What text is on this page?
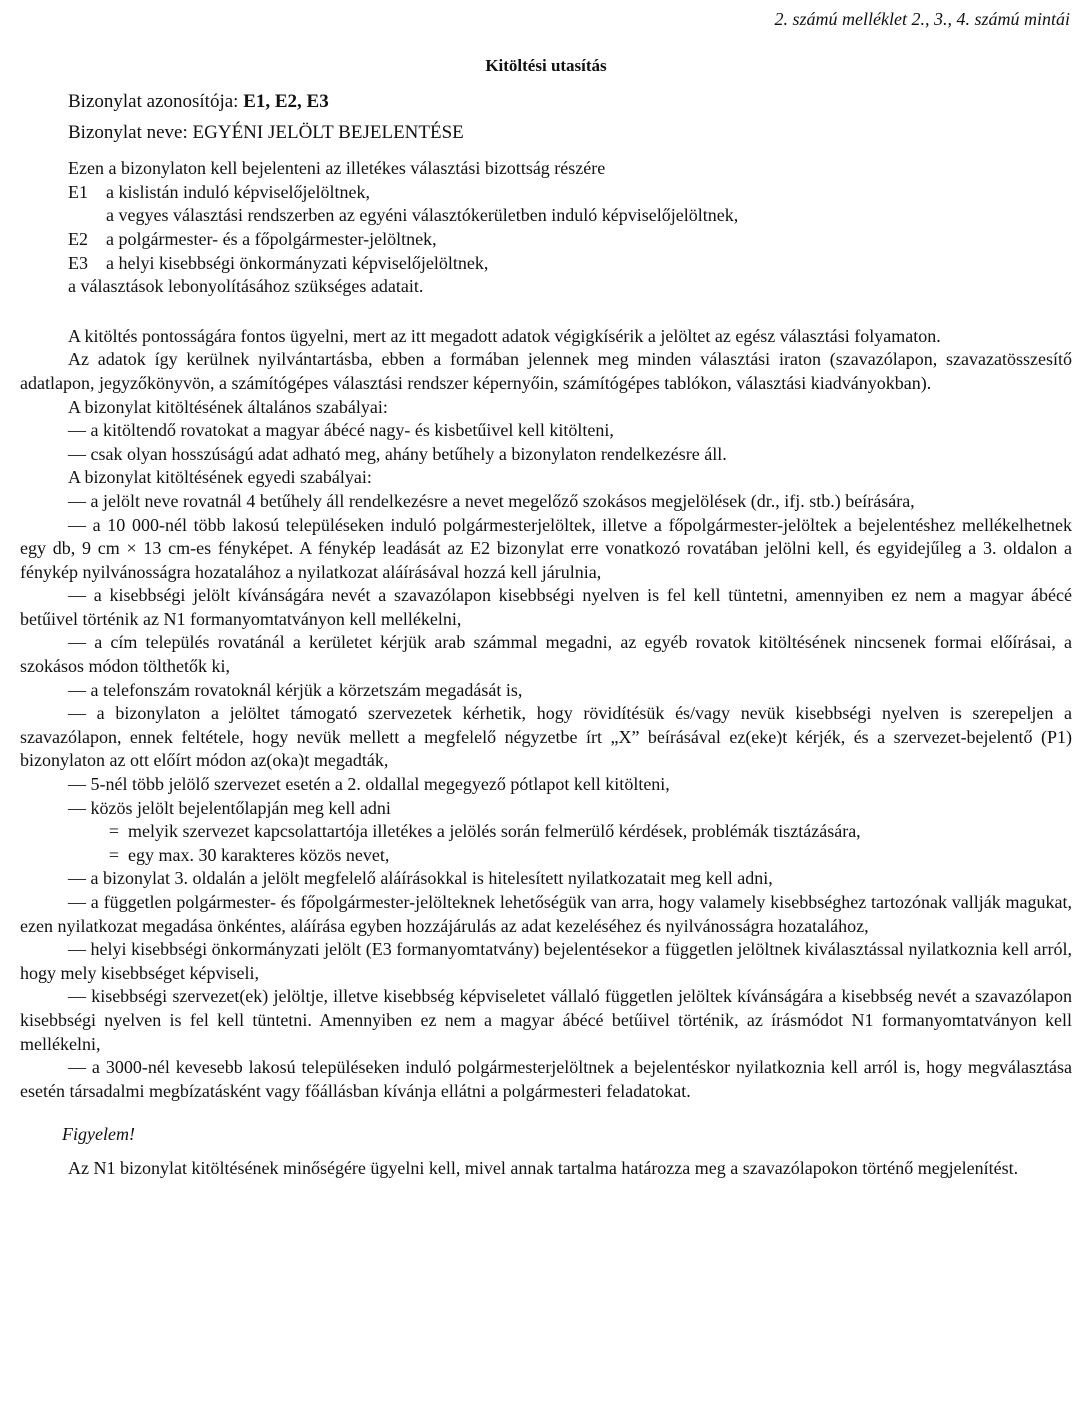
2. számú melléklet 2., 3., 4. számú mintái
Kitöltési utasítás
Bizonylat azonosítója: E1, E2, E3
Bizonylat neve: EGYÉNI JELÖLT BEJELENTÉSE
Ezen a bizonylaton kell bejelenteni az illetékes választási bizottság részére
E1 a kislistán induló képviselőjelöltnek,
a vegyes választási rendszerben az egyéni választókerületben induló képviselőjelöltnek,
E2 a polgármester- és a főpolgármester-jelöltnek,
E3 a helyi kisebbségi önkormányzati képviselőjelöltnek,
a választások lebonyolításához szükséges adatait.
A kitöltés pontosságára fontos ügyelni, mert az itt megadott adatok végigkísérik a jelöltet az egész választási folyamaton.
Az adatok így kerülnek nyilvántartásba, ebben a formában jelennek meg minden választási iraton (szavazólapon, szavazatösszesítő adatlapon, jegyzőkönyvön, a számítógépes választási rendszer képernyőin, számítógépes tablókon, választási kiadványokban).
A bizonylat kitöltésének általános szabályai:
— a kitöltendő rovatokat a magyar ábécé nagy- és kisbetűivel kell kitölteni,
— csak olyan hosszúságú adat adható meg, ahány betűhely a bizonylaton rendelkezésre áll.
A bizonylat kitöltésének egyedi szabályai:
— a jelölt neve rovatnál 4 betűhely áll rendelkezésre a nevet megelőző szokásos megjelölések (dr., ifj. stb.) beírására,
— a 10 000-nél több lakosú településeken induló polgármesterjelöltek, illetve a főpolgármester-jelöltek a bejelentéshez mellékelhetnek egy db, 9 cm × 13 cm-es fényképet. A fénykép leadását az E2 bizonylat erre vonatkozó rovatában jelölni kell, és egyidejűleg a 3. oldalon a fénykép nyilvánosságra hozatalához a nyilatkozat aláírásával hozzá kell járulnia,
— a kisebbségi jelölt kívánságára nevét a szavazólapon kisebbségi nyelven is fel kell tüntetni, amennyiben ez nem a magyar ábécé betűivel történik az N1 formanyomtatványon kell mellékelni,
— a cím település rovatánál a kerületet kérjük arab számmal megadni, az egyéb rovatok kitöltésének nincsenek formai előírásai, a szokásos módon tölthetők ki,
— a telefonszám rovatoknál kérjük a körzetszám megadását is,
— a bizonylaton a jelöltet támogató szervezetek kérhetik, hogy rövidítésük és/vagy nevük kisebbségi nyelven is szerepeljen a szavazólapon, ennek feltétele, hogy nevük mellett a megfelelő négyzetbe írt „X” beírásával ez(eke)t kérjék, és a szervezet-bejelentő (P1) bizonylaton az ott előírt módon az(oka)t megadták,
— 5-nél több jelölő szervezet esetén a 2. oldallal megegyező pótlapot kell kitölteni,
— közös jelölt bejelentőlapján meg kell adni
= melyik szervezet kapcsolattartója illetékes a jelölés során felmerülő kérdések, problémák tisztázására,
= egy max. 30 karakteres közös nevet,
— a bizonylat 3. oldalán a jelölt megfelelő aláírásokkal is hitelesített nyilatkozatait meg kell adni,
— a független polgármester- és főpolgármester-jelölteknek lehetőségük van arra, hogy valamely kisebbséghez tartozónak vallják magukat, ezen nyilatkozat megadása önkéntes, aláírása egyben hozzájárulás az adat kezeléséhez és nyilvánosságra hozatalához,
— helyi kisebbségi önkormányzati jelölt (E3 formanyomtatvány) bejelentésekor a független jelöltnek kiválasztással nyilatkoznia kell arról, hogy mely kisebbséget képviseli,
— kisebbségi szervezet(ek) jelöltje, illetve kisebbség képviseletet vállaló független jelöltek kívánságára a kisebbség nevét a szavazólapon kisebbségi nyelven is fel kell tüntetni. Amennyiben ez nem a magyar ábécé betűivel történik, az írásmódot N1 formanyomtatványon kell mellékelni,
— a 3000-nél kevesebb lakosú településeken induló polgármesterjelöltnek a bejelentéskor nyilatkoznia kell arról is, hogy megválasztása esetén társadalmi megbízatásként vagy főállásban kívánja ellátni a polgármesteri feladatokat.
Figyelem!
Az N1 bizonylat kitöltésének minőségére ügyelni kell, mivel annak tartalma határozza meg a szavazólapokon történő megjelenítést.
